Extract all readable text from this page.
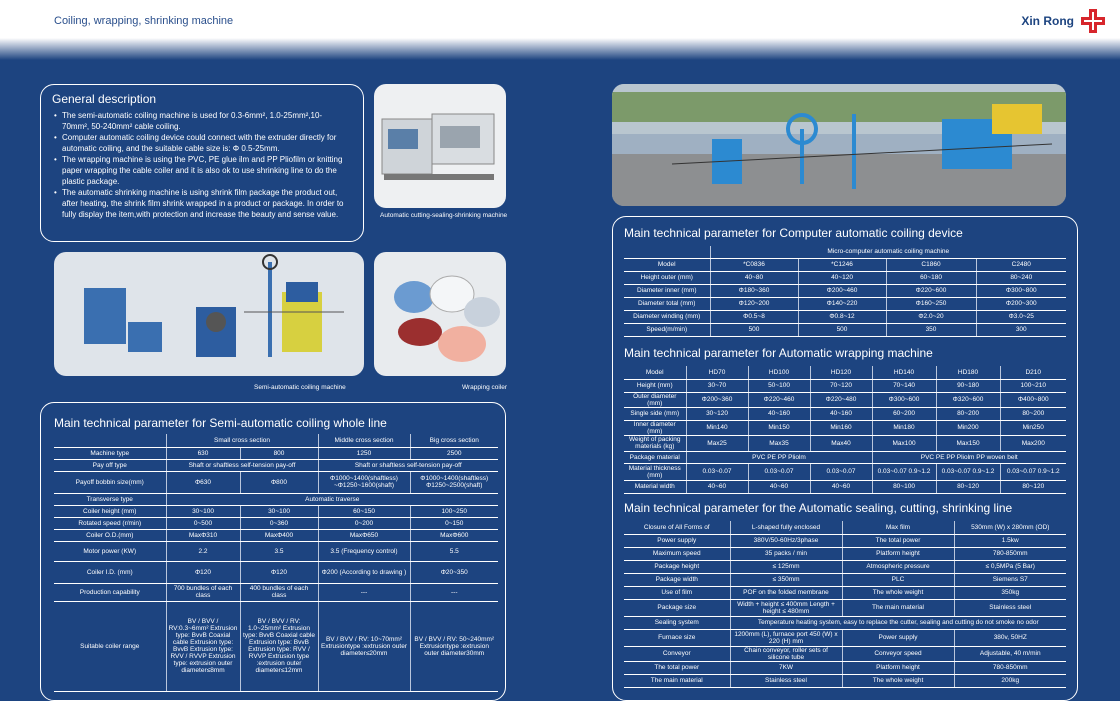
Coiling, wrapping, shrinking machine	Xin Rong
General description
• The semi-automatic coiling machine is used for 0.3-6mm², 1.0-25mm²,10-70mm², 50-240mm² cable coiling.
• Computer automatic coiling device could connect with the extruder directly for automatic coiling, and the suitable cable size is: Φ 0.5-25mm.
• The wrapping machine is using the PVC, PE glue ilm and PP Pliofilm or knitting paper wrapping the cable coiler and it is also ok to use shrinking line to do the plastic package.
• The automatic shrinking machine is using shrink film package the product out, after heating, the shrink film shrink wrapped in a product or package. In order to fully display the item,with protection and increase the beauty and sense value.	Automatic cutting-sealing-shrinking machine
Semi-automatic coiling machine	Wrapping coiler
Main technical parameter for Semi-automatic coiling whole line
	Small cross section		Middle cross section	Big cross section
Machine type	630	800	1250	2500
Pay off type	Shaft or shaftless self-tension pay-off		Shaft or shaftless self-tension pay-off	
Payoff bobbin size(mm)	Φ630	Φ800	Φ1000~1400(shaftless) ~Φ1250~1600(shaft)	Φ1000~1400(shaftless) Φ1250~2500(shaft)
Transverse type	Automatic traverse			
Coiler height (mm)	30~100	30~100	60~150	100~250
Rotated speed (r/min)	0~500	0~360	0~200	0~150
Coiler O.D.(mm)	MaxΦ310	MaxΦ400	MaxΦ650	MaxΦ600
Motor power (KW)	2.2	3.5	3.5 (Frequency control)	5.5
Coiler I.D. (mm)	Φ120	Φ120	Φ200 (According to drawing )	Φ20~350
Production capability	700 bundles of each class	400 bundles of each class	---	---
Suitable coiler range	BV / BVV / RV:0.3~6mm² Extrusion type: BvvB Coaxial cable Extrusion type: BvvB Extrusion type: RVV / RVVP Extrusion type: extrusion outer diameter≤8mm	BV / BVV / RV: 1.0~25mm² Extrusion type: BvvB Coaxial cable Extrusion type: BvvB Extrusion type: RVV / RVVP Extrusion type :extrusion outer diameter≤12mm	BV / BVV / RV: 10~70mm² Extrusiontype :extrusion outer diameter≤20mm	BV / BVV / RV: 50~240mm² Extrusiontype :extrusion outer diameter30mm
Main technical parameter for Computer automatic coiling device
	Micro-computer automatic coiling machine			
Model	*C0836	*C1246	C1860	C2480
Height outer (mm)	40~80	40~120	60~180	80~240
Diameter inner (mm)	Φ180~360	Φ200~460	Φ220~600	Φ300~800
Diameter total (mm)	Φ120~200	Φ140~220	Φ160~250	Φ200~300
Diameter winding (mm)	Φ0.5~8	Φ0.8~12	Φ2.0~20	Φ3.0~25
Speed(m/min)	500	500	350	300
Main technical parameter for Automatic wrapping machine
Model	HD70	HD100	HD120	HD140	HD180	D210
Height (mm)	30~70	50~100	70~120	70~140	90~180	100~210
Outer diameter (mm)	Φ200~360	Φ220~460	Φ220~480	Φ300~600	Φ320~600	Φ400~800
Single side (mm)	30~120	40~160	40~160	60~200	80~200	80~200
Inner diameter (mm)	Min140	Min150	Min160	Min180	Min200	Min250
Weight of packing materials (kg)	Max25	Max35	Max40	Max100	Max150	Max200
Package material	PVC PE PP Pliolm			PVC PE PP Pliolm PP woven belt		
Material thickness (mm)	0.03~0.07	0.03~0.07	0.03~0.07	0.03~0.07 0.9~1.2	0.03~0.07 0.9~1.2	0.03~0.07 0.9~1.2
Material width	40~60	40~60	40~60	80~100	80~120	80~120
Main technical parameter for the Automatic sealing, cutting, shrinking line
Closure of All Forms of	L-shaped fully enclosed	Max film	530mm (W) x 280mm (OD)
Power supply	380V/50-60Hz/3phase	The total power	1.5kw
Maximum speed	35 packs / min	Platform height	780-850mm
Package height	≤ 125mm	Atmospheric pressure	≤ 0,5MPa (5 Bar)
Package width	≤ 350mm	PLC	Siemens S7
Use of film	POF on the folded membrane	The whole weight	350kg
Package size	Width + height ≤ 400mm Length + height ≤ 480mm	The main material	Stainless steel
Sealing system	Temperature heating system, easy to replace the cutter, sealing and cutting do not smoke no odor		
Furnace size	1200mm (L), furnace port 450 (W) x 220 (H) mm	Power supply	380v, 50HZ
Conveyor	Chain conveyor, roller sets of silicone tube	Conveyor speed	Adjustable, 40 m/min
The total power	7KW	Platform height	780-850mm
The main material	Stainless steel	The whole weight	200kg
